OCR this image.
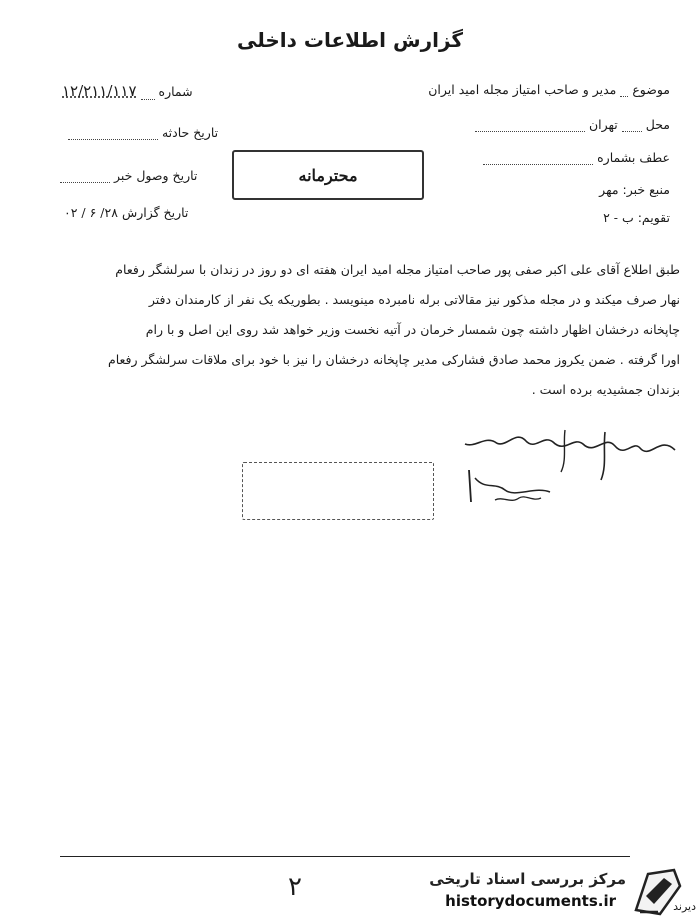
گزارش اطلاعات داخلی
موضوع  مدیر و صاحب امتیاز مجله امید ایران
محل  تهران
عطف بشماره
منبع خبر: مهر
تقویم: ب - ۲
شماره  ۱۲/۲۱۱/۱۱۷
تاریخ حادثه
تاریخ وصول خبر
تاریخ گزارش ۲۸/ ۶ / ۰۲
محترمانه

طبق اطلاع آقای علی اکبر صفی پور صاحب امتیاز مجله امید ایران هفته ای دو روز در زندان با سرلشگر رفعام

نهار صرف میکند و در مجله مذکور نیز مقالاتی برله نامبرده مینویسد . بطوریکه یک نفر از کارمندان دفتر

چاپخانه درخشان اظهار داشته چون شمسار خرمان در آتیه نخست وزیر خواهد شد روی این اصل و با رام

اورا گرفته . ضمن یکروز محمد صادق فشارکی مدیر چاپخانه درخشان را نیز با خود برای ملاقات سرلشگر رفعام

بزندان جمشیدیه برده است .

۲	مرکز بررسی اسناد تاریخی
historydocuments.ir	دیرند
